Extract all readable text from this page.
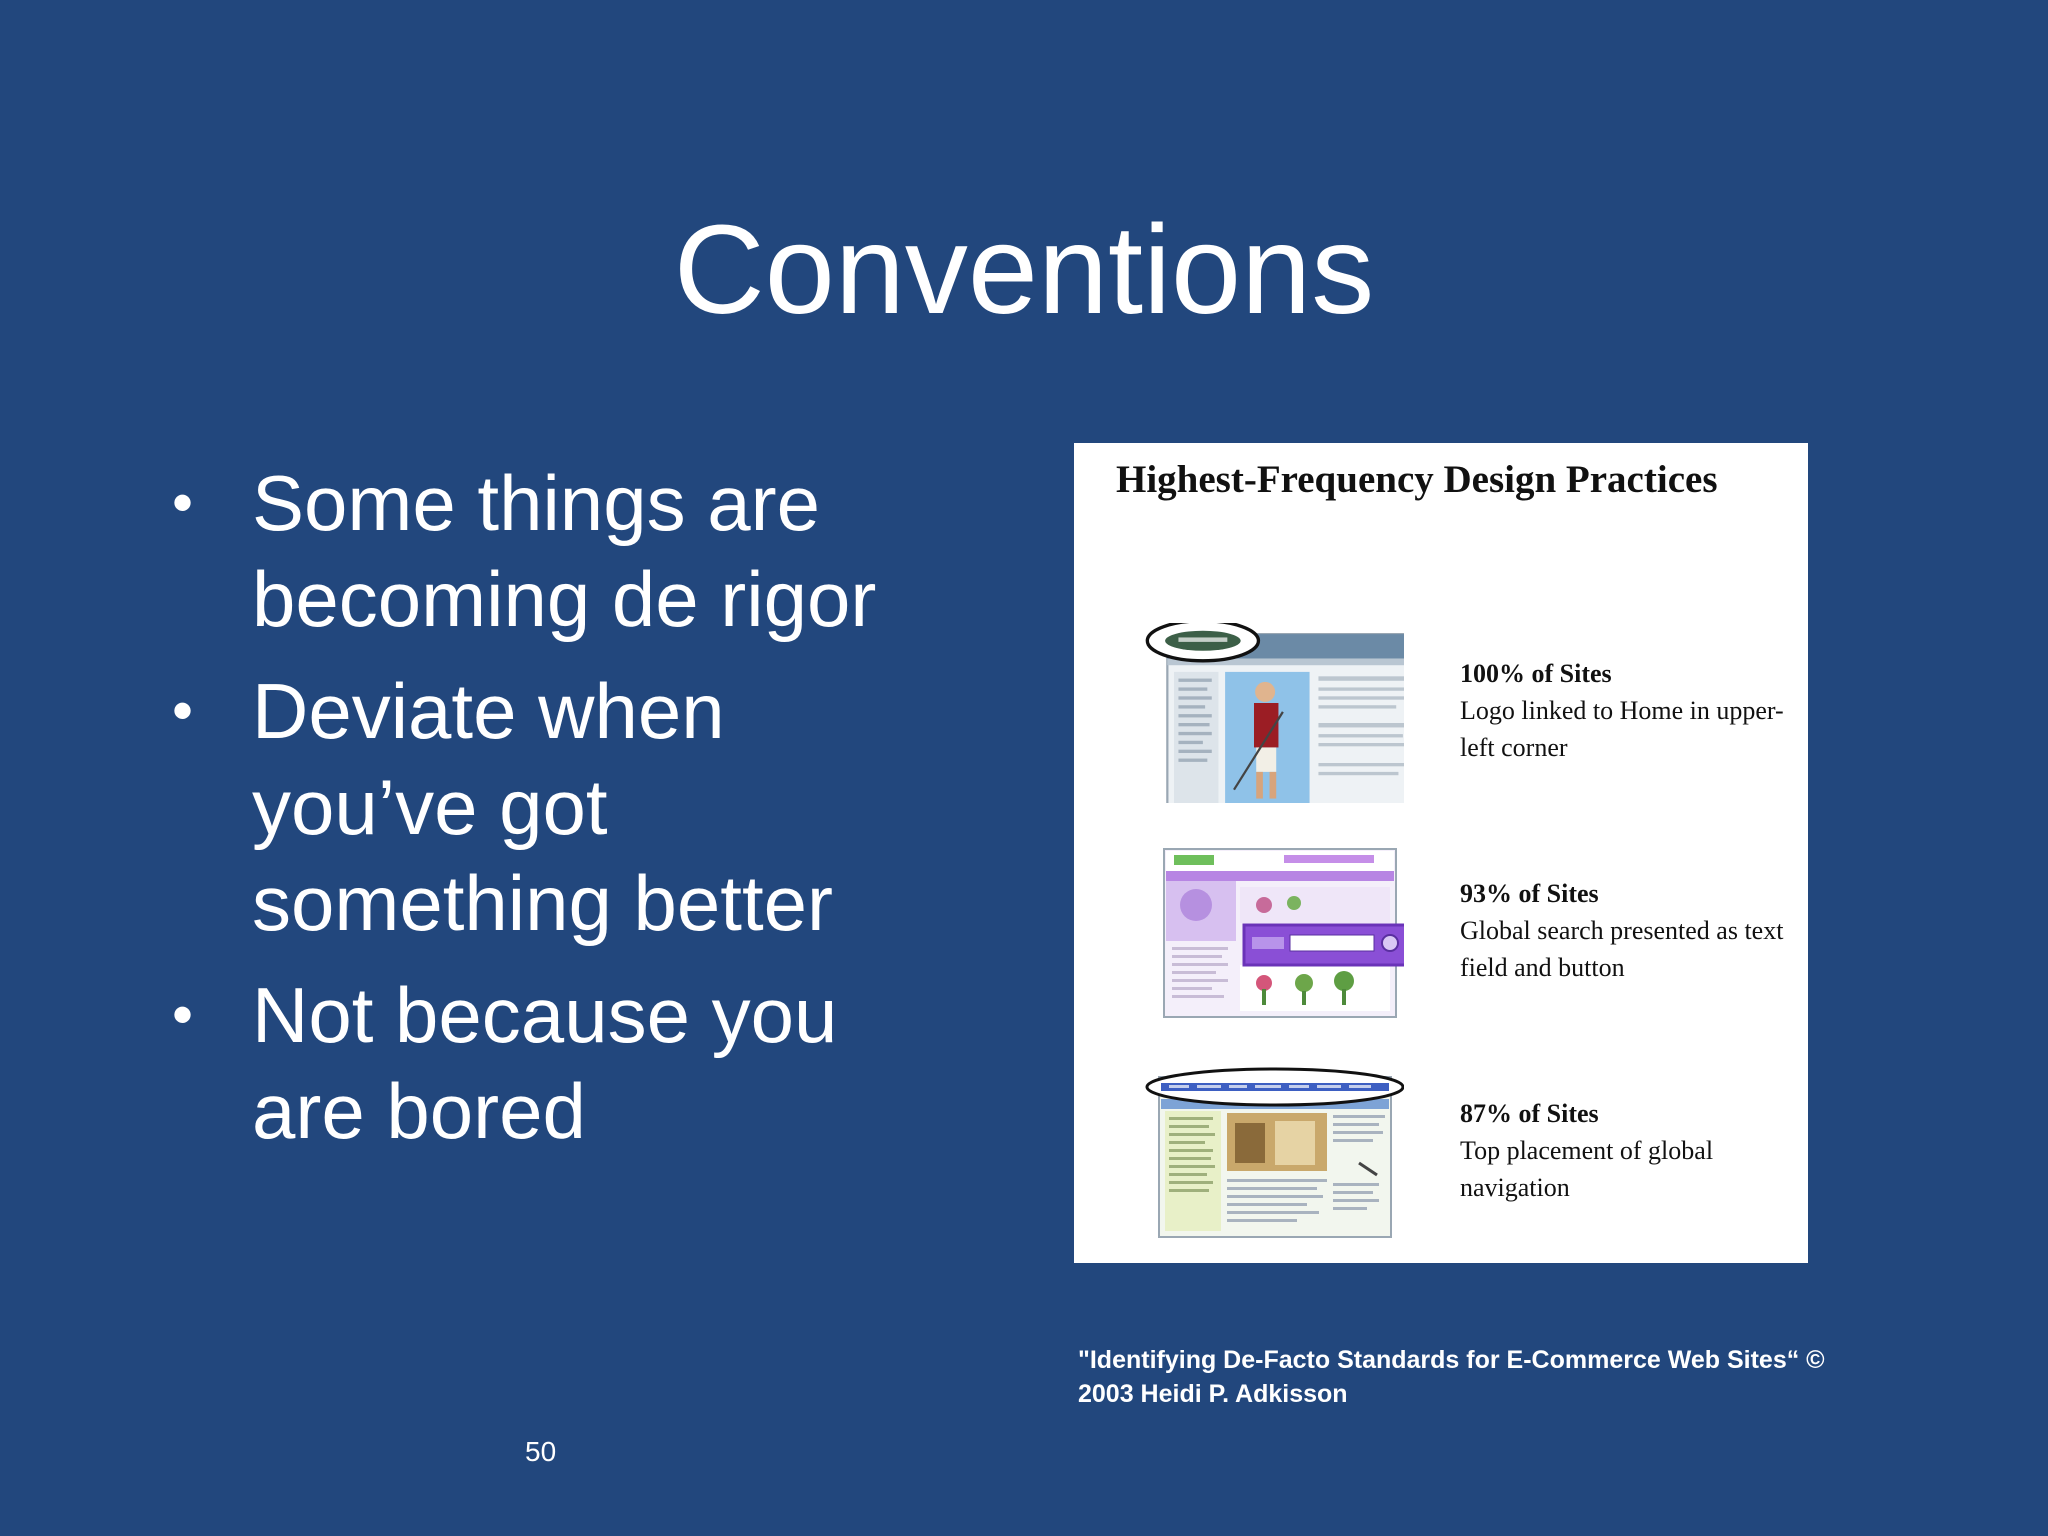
Conventions
• Some things are becoming de rigor
• Deviate when you’ve got something better
• Not because you are bored
Highest-Frequency Design Practices
100% of Sites
Logo linked to Home in upper-left corner
93% of Sites
Global search presented as text field and button
87% of Sites
Top placement of global navigation
"Identifying De-Facto Standards for E-Commerce Web Sites“ © 2003 Heidi P. Adkisson
50
